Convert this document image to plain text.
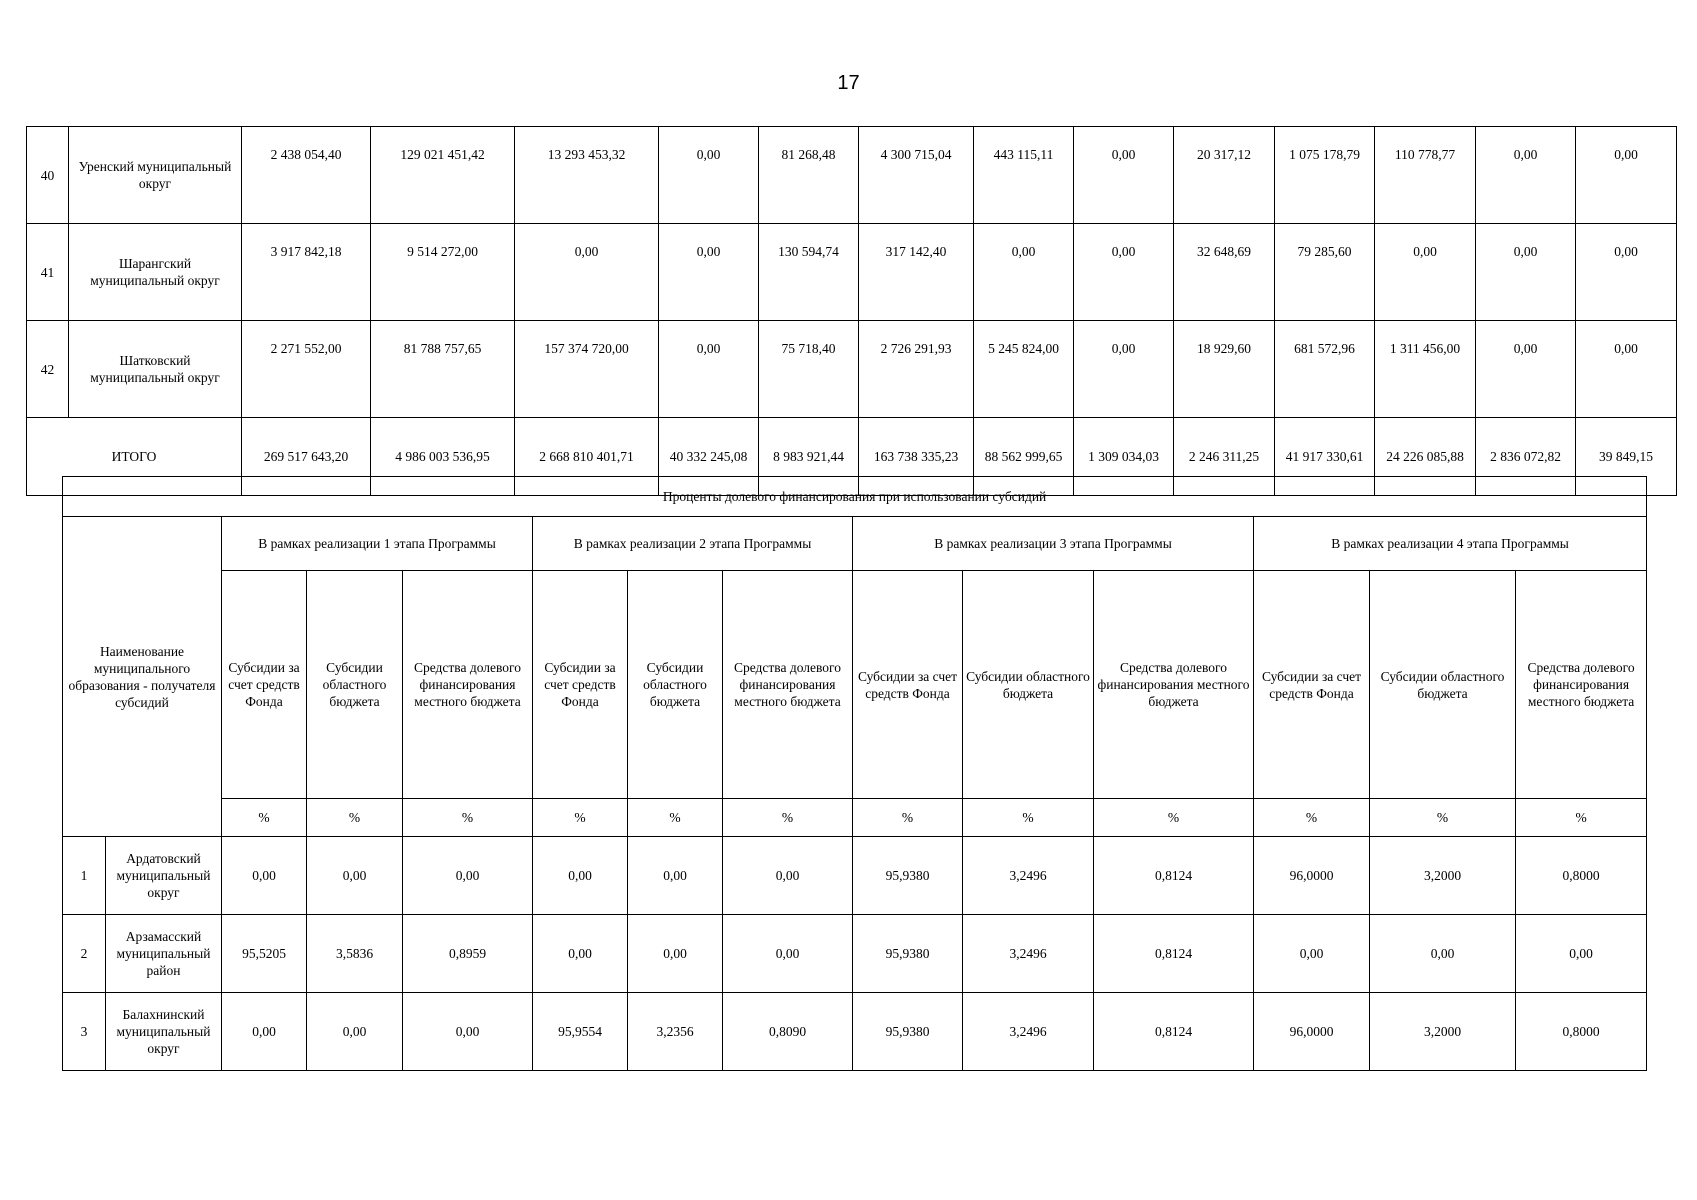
17
40	Уренский муниципальный округ	2 438 054,40	129 021 451,42	13 293 453,32	0,00	81 268,48	4 300 715,04	443 115,11	0,00	20 317,12	1 075 178,79	110 778,77	0,00	0,00
41	Шарангский муниципальный округ	3 917 842,18	9 514 272,00	0,00	0,00	130 594,74	317 142,40	0,00	0,00	32 648,69	79 285,60	0,00	0,00	0,00
42	Шатковский муниципальный округ	2 271 552,00	81 788 757,65	157 374 720,00	0,00	75 718,40	2 726 291,93	5 245 824,00	0,00	18 929,60	681 572,96	1 311 456,00	0,00	0,00
ИТОГО		269 517 643,20	4 986 003 536,95	2 668 810 401,71	40 332 245,08	8 983 921,44	163 738 335,23	88 562 999,65	1 309 034,03	2 246 311,25	41 917 330,61	24 226 085,88	2 836 072,82	39 849,15
Проценты долевого финансирования при использовании субсидий													
Наименование муниципального образования - получателя субсидий		В рамках реализации 1 этапа Программы			В рамках реализации 2 этапа Программы			В рамках реализации 3 этапа Программы			В рамках реализации 4 этапа Программы		
		Субсидии за счет средств Фонда	Субсидии областного бюджета	Средства долевого финансирования местного бюджета	Субсидии за счет средств Фонда	Субсидии областного бюджета	Средства долевого финансирования местного бюджета	Субсидии за счет средств Фонда	Субсидии областного бюджета	Средства долевого финансирования местного бюджета	Субсидии за счет средств Фонда	Субсидии областного бюджета	Средства долевого финансирования местного бюджета
		%	%	%	%	%	%	%	%	%	%	%	%
1	Ардатовский муниципальный округ	0,00	0,00	0,00	0,00	0,00	0,00	95,9380	3,2496	0,8124	96,0000	3,2000	0,8000
2	Арзамасский муниципальный район	95,5205	3,5836	0,8959	0,00	0,00	0,00	95,9380	3,2496	0,8124	0,00	0,00	0,00
3	Балахнинский муниципальный округ	0,00	0,00	0,00	95,9554	3,2356	0,8090	95,9380	3,2496	0,8124	96,0000	3,2000	0,8000
